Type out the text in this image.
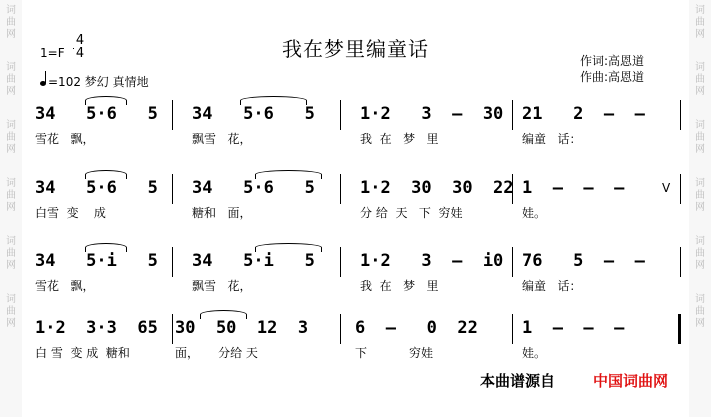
词
曲
网
词
曲
网
词
曲
网
词
曲
网
词
曲
网
词
曲
网
词
曲
网
词
曲
网
词
曲
网
词
曲
网
词
曲
网
词
曲
网
我在梦里编童话
1=F
4
4
=102 梦幻 真情地
作词:高恩道
作曲:高恩道
34   5·6   5
雪花   飘，
34   5·6   5
飘雪   花，
1·2   3  —  30
我  在   梦   里
21   2  —  —
编童   话：
34   5·6   5
白雪  变    成
34   5·6   5
糖和   面，
1·2  30  30  22
分 给  天   下  穷娃
1  —  —  —
娃。
34   5·i   5
雪花   飘，
34   5·i   5
飘雪   花，
1·2   3  —  i0
我  在   梦   里
76   5  —  —
编童   话：
1·2  3·3  65
白 雪  变 成  糖和
30  50  12  3
面，     分给 天
6  —   0  22
下           穷娃
1  —  —  —
娃。
V
本曲谱源自	中国词曲网
